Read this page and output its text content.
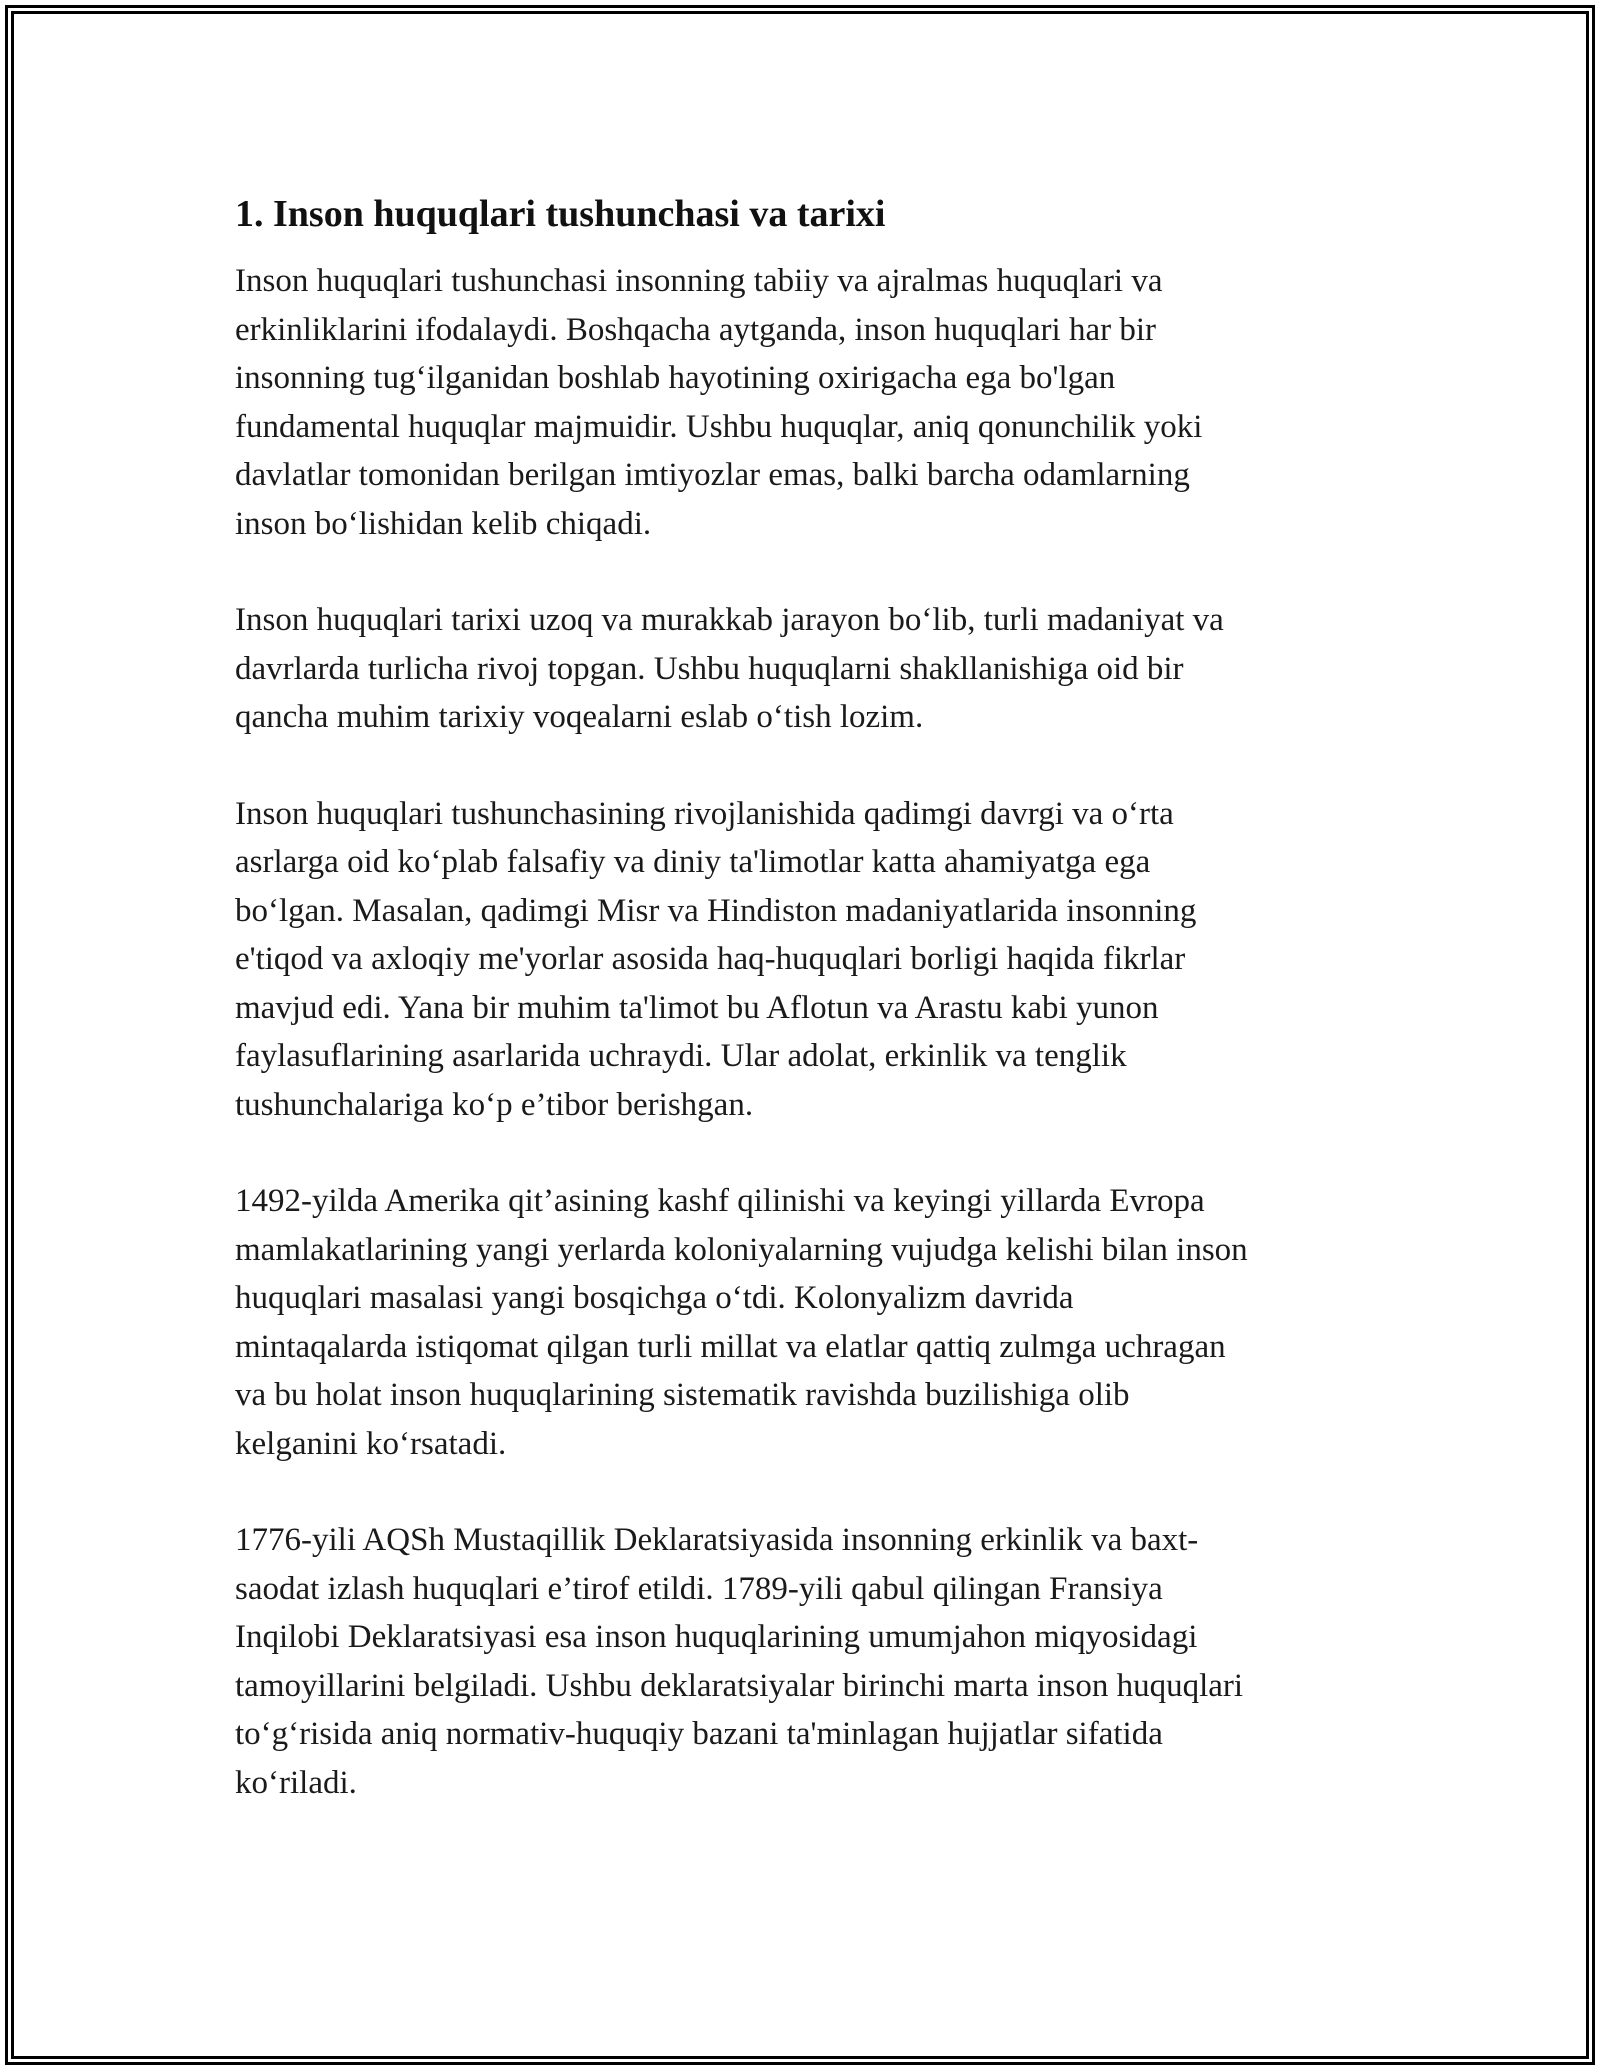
1. Inson huquqlari tushunchasi va tarixi

Inson huquqlari tushunchasi insonning tabiiy va ajralmas huquqlari va
erkinliklarini ifodalaydi. Boshqacha aytganda, inson huquqlari har bir
insonning tug‘ilganidan boshlab hayotining oxirigacha ega bo'lgan
fundamental huquqlar majmuidir. Ushbu huquqlar, aniq qonunchilik yoki
davlatlar tomonidan berilgan imtiyozlar emas, balki barcha odamlarning
inson bo‘lishidan kelib chiqadi.

Inson huquqlari tarixi uzoq va murakkab jarayon bo‘lib, turli madaniyat va
davrlarda turlicha rivoj topgan. Ushbu huquqlarni shakllanishiga oid bir
qancha muhim tarixiy voqealarni eslab o‘tish lozim.

Inson huquqlari tushunchasining rivojlanishida qadimgi davrgi va o‘rta
asrlarga oid ko‘plab falsafiy va diniy ta'limotlar katta ahamiyatga ega
bo‘lgan. Masalan, qadimgi Misr va Hindiston madaniyatlarida insonning
e'tiqod va axloqiy me'yorlar asosida haq-huquqlari borligi haqida fikrlar
mavjud edi. Yana bir muhim ta'limot bu Aflotun va Arastu kabi yunon
faylasuflarining asarlarida uchraydi. Ular adolat, erkinlik va tenglik
tushunchalariga ko‘p e’tibor berishgan.

1492-yilda Amerika qit’asining kashf qilinishi va keyingi yillarda Evropa
mamlakatlarining yangi yerlarda koloniyalarning vujudga kelishi bilan inson
huquqlari masalasi yangi bosqichga o‘tdi. Kolonyalizm davrida
mintaqalarda istiqomat qilgan turli millat va elatlar qattiq zulmga uchragan
va bu holat inson huquqlarining sistematik ravishda buzilishiga olib
kelganini ko‘rsatadi.

1776-yili AQSh Mustaqillik Deklaratsiyasida insonning erkinlik va baxt-
saodat izlash huquqlari e’tirof etildi. 1789-yili qabul qilingan Fransiya
Inqilobi Deklaratsiyasi esa inson huquqlarining umumjahon miqyosidagi
tamoyillarini belgiladi. Ushbu deklaratsiyalar birinchi marta inson huquqlari
to‘g‘risida aniq normativ-huquqiy bazani ta'minlagan hujjatlar sifatida
ko‘riladi.
